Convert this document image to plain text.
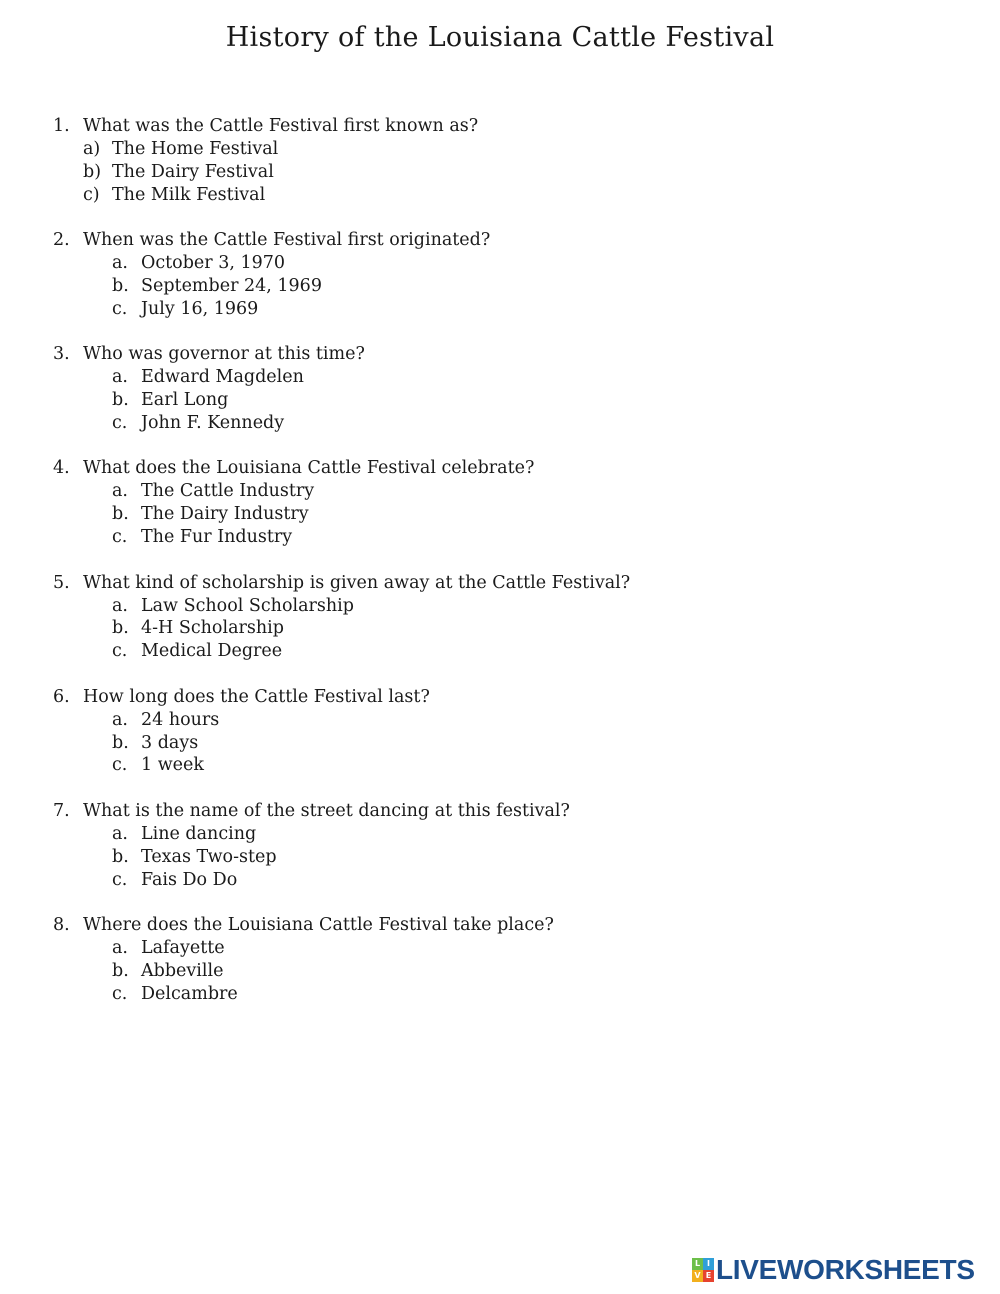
History of the Louisiana Cattle Festival
1. What was the Cattle Festival first known as?
a) The Home Festival
b) The Dairy Festival
c) The Milk Festival
2. When was the Cattle Festival first originated?
a. October 3, 1970
b. September 24, 1969
c. July 16, 1969
3. Who was governor at this time?
a. Edward Magdelen
b. Earl Long
c. John F. Kennedy
4. What does the Louisiana Cattle Festival celebrate?
a. The Cattle Industry
b. The Dairy Industry
c. The Fur Industry
5. What kind of scholarship is given away at the Cattle Festival?
a. Law School Scholarship
b. 4-H Scholarship
c. Medical Degree
6. How long does the Cattle Festival last?
a. 24 hours
b. 3 days
c. 1 week
7. What is the name of the street dancing at this festival?
a. Line dancing
b. Texas Two-step
c. Fais Do Do
8. Where does the Louisiana Cattle Festival take place?
a. Lafayette
b. Abbeville
c. Delcambre
L I
V E LIVEWORKSHEETS
